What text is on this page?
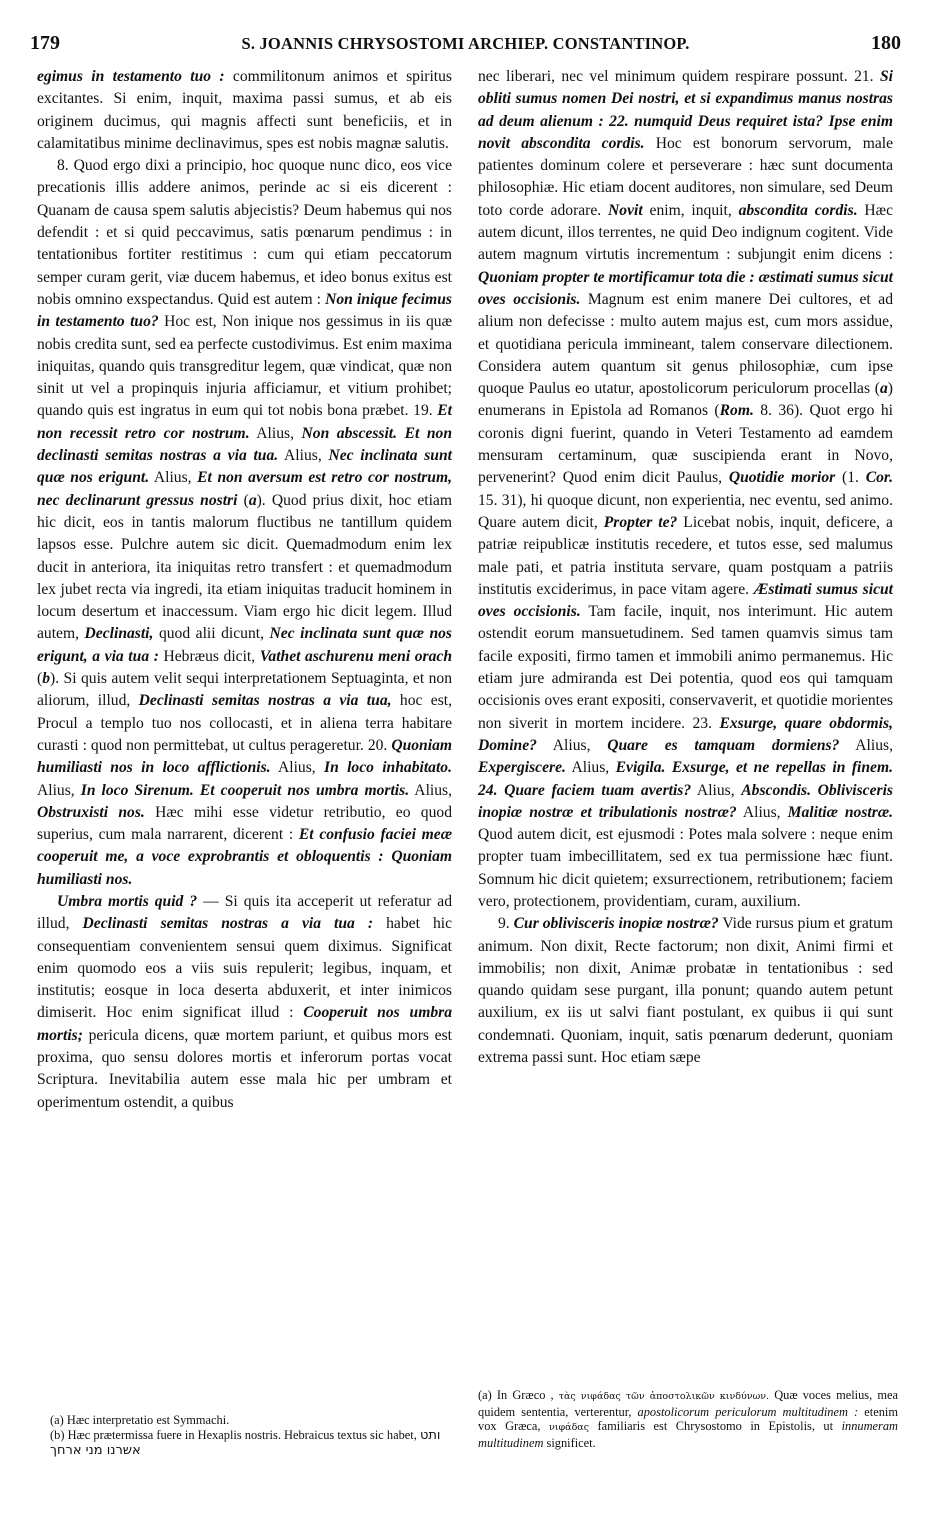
179	S. JOANNIS CHRYSOSTOMI ARCHIEP. CONSTANTINOP.	180

egimus in testamento tuo : commilitonum animos et spiritus excitantes. Si enim, inquit, maxima passi sumus, et ab eis originem ducimus, qui magnis affecti sunt beneficiis, et in calamitatibus minime declinavimus, spes est nobis magnæ salutis.

8. Quod ergo dixi a principio, hoc quoque nunc dico, eos vice precationis illis addere animos, perinde ac si eis dicerent : Quanam de causa spem salutis abjecistis? Deum habemus qui nos defendit : et si quid peccavimus, satis pœnarum pendimus : in tentationibus fortiter restitimus : cum qui etiam peccatorum semper curam gerit, viæ ducem habemus, et ideo bonus exitus est nobis omnino exspectandus. Quid est autem : Non inique fecimus in testamento tuo? Hoc est, Non inique nos gessimus in iis quæ nobis credita sunt, sed ea perfecte custodivimus. Est enim maxima iniquitas, quando quis transgreditur legem, quæ vindicat, quæ non sinit ut vel a propinquis injuria afficiamur, et vitium prohibet; quando quis est ingratus in eum qui tot nobis bona præbet. 19. Et non recessit retro cor nostrum. Alius, Non abscessit. Et non declinasti semitas nostras a via tua. Alius, Nec inclinata sunt quæ nos erigunt. Alius, Et non aversum est retro cor nostrum, nec declinarunt gressus nostri (a). Quod prius dixit, hoc etiam hic dicit, eos in tantis malorum fluctibus ne tantillum quidem lapsos esse. Pulchre autem sic dicit. Quemadmodum enim lex ducit in anteriora, ita iniquitas retro transfert : et quemadmodum lex jubet recta via ingredi, ita etiam iniquitas traducit hominem in locum desertum et inaccessum. Viam ergo hic dicit legem. Illud autem, Declinasti, quod alii dicunt, Nec inclinata sunt quæ nos erigunt, a via tua : Hebræus dicit, Vathet aschurenu meni orach (b). Si quis autem velit sequi interpretationem Septuaginta, et non aliorum, illud, Declinasti semitas nostras a via tua, hoc est, Procul a templo tuo nos collocasti, et in aliena terra habitare curasti : quod non permittebat, ut cultus perageretur. 20. Quoniam humiliasti nos in loco afflictionis. Alius, In loco inhabitato. Alius, In loco Sirenum. Et cooperuit nos umbra mortis. Alius, Obstruxisti nos. Hæc mihi esse videtur retributio, eo quod superius, cum mala narrarent, dicerent : Et confusio faciei meæ cooperuit me, a voce exprobrantis et obloquentis : Quoniam humiliasti nos.

Umbra mortis quid ? — Si quis ita acceperit ut referatur ad illud, Declinasti semitas nostras a via tua : habet hic consequentiam convenientem sensui quem diximus. Significat enim quomodo eos a viis suis repulerit; legibus, inquam, et institutis; eosque in loca deserta abduxerit, et inter inimicos dimiserit. Hoc enim significat illud : Cooperuit nos umbra mortis; pericula dicens, quæ mortem pariunt, et quibus mors est proxima, quo sensu dolores mortis et inferorum portas vocat Scriptura. Inevitabilia autem esse mala hic per umbram et operimentum ostendit, a quibus

nec liberari, nec vel minimum quidem respirare possunt. 21. Si obliti sumus nomen Dei nostri, et si expandimus manus nostras ad deum alienum : 22. numquid Deus requiret ista? Ipse enim novit abscondita cordis. Hoc est bonorum servorum, male patientes dominum colere et perseverare : hæc sunt documenta philosophiæ. Hic etiam docent auditores, non simulare, sed Deum toto corde adorare. Novit enim, inquit, abscondita cordis. Hæc autem dicunt, illos terrentes, ne quid Deo indignum cogitent. Vide autem magnum virtutis incrementum : subjungit enim dicens : Quoniam propter te mortificamur tota die : æstimati sumus sicut oves occisionis. Magnum est enim manere Dei cultores, et ad alium non defecisse : multo autem majus est, cum mors assidue, et quotidiana pericula immineant, talem conservare dilectionem. Considera autem quantum sit genus philosophiæ, cum ipse quoque Paulus eo utatur, apostolicorum periculorum procellas (a) enumerans in Epistola ad Romanos (Rom. 8. 36). Quot ergo hi coronis digni fuerint, quando in Veteri Testamento ad eamdem mensuram certaminum, quæ suscipienda erant in Novo, pervenerint? Quod enim dicit Paulus, Quotidie morior (1. Cor. 15. 31), hi quoque dicunt, non experientia, nec eventu, sed animo. Quare autem dicit, Propter te? Licebat nobis, inquit, deficere, a patriæ reipublicæ institutis recedere, et tutos esse, sed malumus male pati, et patria instituta servare, quam postquam a patriis institutis exciderimus, in pace vitam agere. Æstimati sumus sicut oves occisionis. Tam facile, inquit, nos interimunt. Hic autem ostendit eorum mansuetudinem. Sed tamen quamvis simus tam facile expositi, firmo tamen et immobili animo permanemus. Hic etiam jure admiranda est Dei potentia, quod eos qui tamquam occisionis oves erant expositi, conservaverit, et quotidie morientes non siverit in mortem incidere. 23. Exsurge, quare obdormis, Domine? Alius, Quare es tamquam dormiens? Alius, Expergiscere. Alius, Evigila. Exsurge, et ne repellas in finem. 24. Quare faciem tuam avertis? Alius, Abscondis. Oblivisceris inopiæ nostræ et tribulationis nostræ? Alius, Malitiæ nostræ. Quod autem dicit, est ejusmodi : Potes mala solvere : neque enim propter tuam imbecillitatem, sed ex tua permissione hæc fiunt. Somnum hic dicit quietem; exsurrectionem, retributionem; faciem vero, protectionem, providentiam, curam, auxilium.

9. Cur oblivisceris inopiæ nostræ? Vide rursus pium et gratum animum. Non dixit, Recte factorum; non dixit, Animi firmi et immobilis; non dixit, Animæ probatæ in tentationibus : sed quando quidam sese purgant, illa ponunt; quando autem petunt auxilium, ex iis ut salvi fiant postulant, ex quibus ii qui sunt condemnati. Quoniam, inquit, satis pœnarum dederunt, quoniam extrema passi sunt. Hoc etiam sæpe

(a) Hæc interpretatio est Symmachi.

(b) Hæc prætermissa fuere in Hexaplis nostris. Hebraicus textus sic habet, ותט אשרנו מני ארחך

(a) In Græco , τὰς νιφάδας τῶν ἀποστολικῶν κινδύνων. Quæ voces melius, mea quidem sententia, verterentur, apostolicorum periculorum multitudinem : etenim vox Græca, νιφάδας familiaris est Chrysostomo in Epistolis, ut innumeram multitudinem significet.
